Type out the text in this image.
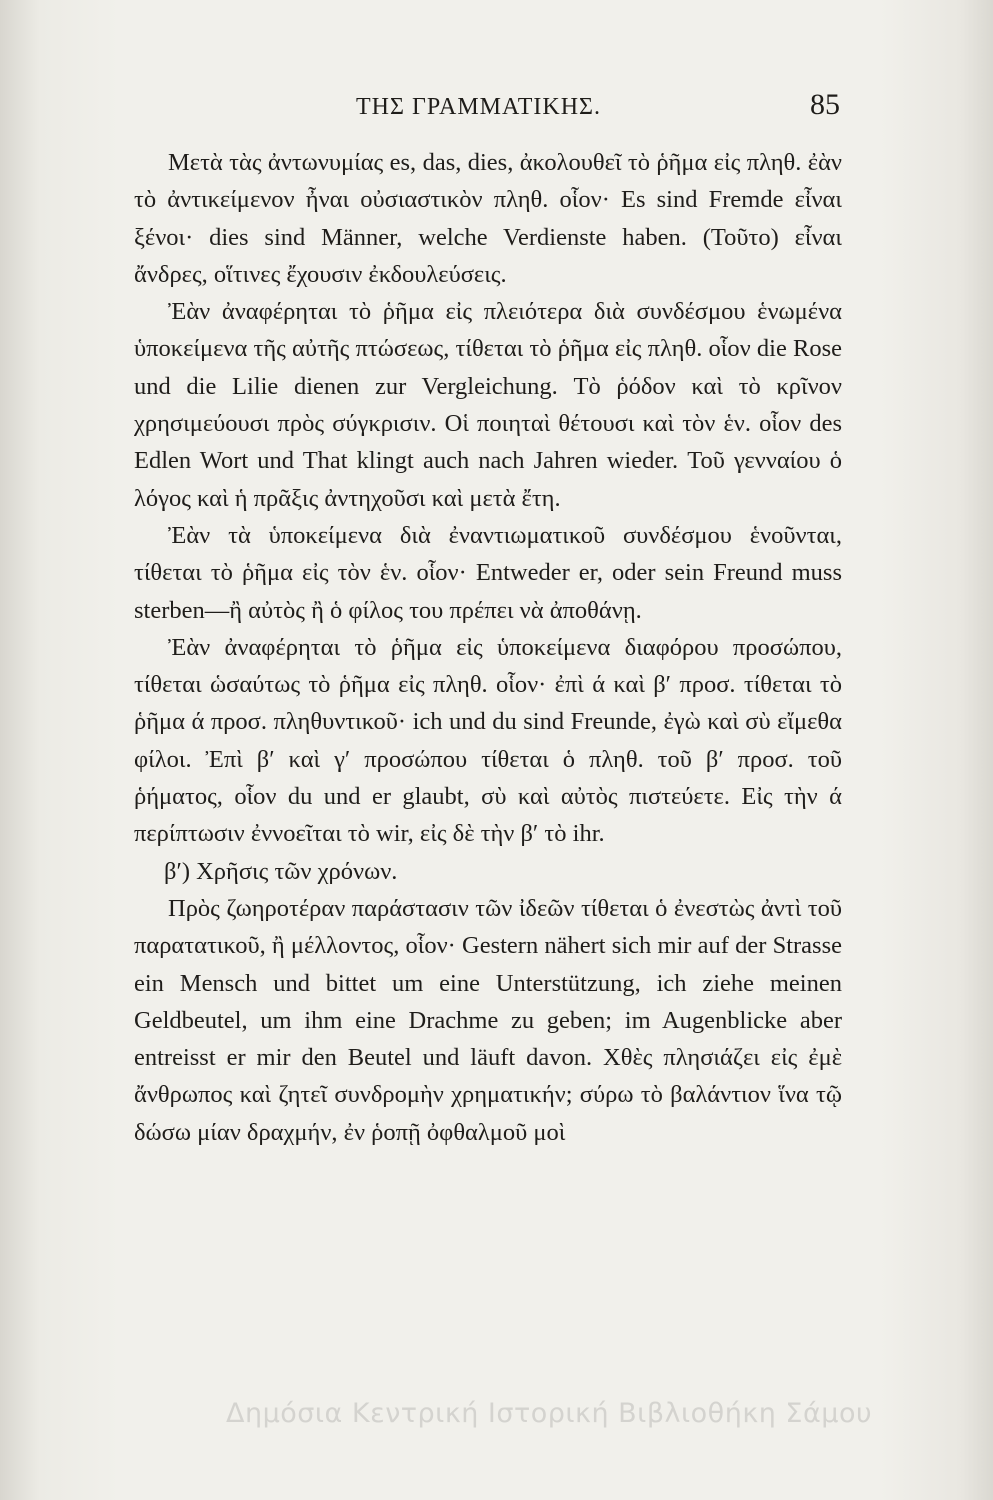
ΤΗΣ ΓΡΑΜΜΑΤΙΚΗΣ.	85

Μετὰ τὰς ἀντωνυμίας es, das, dies, ἀκολουθεῖ τὸ ῥῆμα εἰς πληθ. ἐὰν τὸ ἀντικείμενον ἦναι οὐσιαστικὸν πληθ. οἷον· Es sind Fremde εἶναι ξένοι· dies sind Männer, welche Verdienste haben. (Τοῦτο) εἶναι ἄνδρες, οἵτινες ἔχουσιν ἐκδουλεύσεις.

Ἐὰν ἀναφέρηται τὸ ῥῆμα εἰς πλειότερα διὰ συνδέσμου ἑνωμένα ὑποκείμενα τῆς αὐτῆς πτώσεως, τίθεται τὸ ῥῆμα εἰς πληθ. οἷον die Rose und die Lilie dienen zur Vergleichung. Τὸ ῥόδον καὶ τὸ κρῖνον χρησιμεύουσι πρὸς σύγκρισιν. Οἱ ποιηταὶ θέτουσι καὶ τὸν ἑν. οἷον des Edlen Wort und That klingt auch nach Jahren wieder. Τοῦ γενναίου ὁ λόγος καὶ ἡ πρᾶξις ἀντηχοῦσι καὶ μετὰ ἔτη.

Ἐὰν τὰ ὑποκείμενα διὰ ἐναντιωματικοῦ συνδέσμου ἑνοῦνται, τίθεται τὸ ῥῆμα εἰς τὸν ἑν. οἷον· Entweder er, oder sein Freund muss sterben—ἢ αὐτὸς ἢ ὁ φίλος του πρέπει νὰ ἀποθάνῃ.

Ἐὰν ἀναφέρηται τὸ ῥῆμα εἰς ὑποκείμενα διαφόρου προσώπου, τίθεται ὡσαύτως τὸ ῥῆμα εἰς πληθ. οἷον· ἐπὶ ά καὶ β′ προσ. τίθεται τὸ ῥῆμα ά προσ. πληθυντικοῦ· ich und du sind Freunde, ἐγὼ καὶ σὺ εἴμεθα φίλοι. Ἐπὶ β′ καὶ γ′ προσώπου τίθεται ὁ πληθ. τοῦ β′ προσ. τοῦ ῥήματος, οἷον du und er glaubt, σὺ καὶ αὐτὸς πιστεύετε. Εἰς τὴν ά περίπτωσιν ἐννοεῖται τὸ wir, εἰς δὲ τὴν β′ τὸ ihr.

β′) Χρῆσις τῶν χρόνων.

Πρὸς ζωηροτέραν παράστασιν τῶν ἰδεῶν τίθεται ὁ ἐνεστὼς ἀντὶ τοῦ παρατατικοῦ, ἢ μέλλοντος, οἷον· Gestern nähert sich mir auf der Strasse ein Mensch und bittet um eine Unterstützung, ich ziehe meinen Geldbeutel, um ihm eine Drachme zu geben; im Augenblicke aber entreisst er mir den Beutel und läuft davon. Χθὲς πλησιάζει εἰς ἐμὲ ἄνθρωπος καὶ ζητεῖ συνδρομὴν χρηματικήν; σύρω τὸ βαλάντιον ἵνα τῷ δώσω μίαν δραχμήν, ἐν ῥοπῇ ὀφθαλμοῦ μοὶ

Δημόσια Κεντρική Ιστορική Βιβλιοθήκη Σάμου
